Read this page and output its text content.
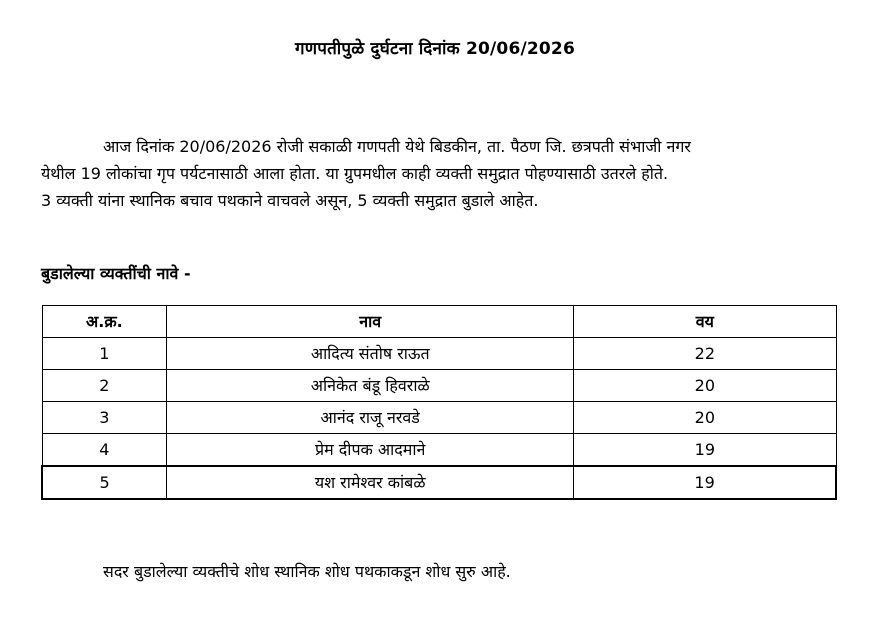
गणपतीपुळे दुर्घटना दिनांक 20/06/2026
आज दिनांक 20/06/2026 रोजी सकाळी गणपती येथे बिडकीन, ता. पैठण जि. छत्रपती संभाजी नगर
येथील 19 लोकांचा गृप पर्यटनासाठी आला होता. या ग्रुपमधील काही व्यक्ती समुद्रात पोहण्यासाठी उतरले होते.
3 व्यक्ती यांना स्थानिक बचाव पथकाने वाचवले असून, 5 व्यक्ती समुद्रात बुडाले आहेत.
बुडालेल्या व्यक्तींची नावे -
अ.क्र.	नाव	वय
1	आदित्य संतोष राऊत	22
2	अनिकेत बंडू हिवराळे	20
3	आनंद राजू नरवडे	20
4	प्रेम दीपक आदमाने	19
5	यश रामेश्वर कांबळे	19
सदर बुडालेल्या व्यक्तीचे शोध स्थानिक शोध पथकाकडून शोध सुरु आहे.
